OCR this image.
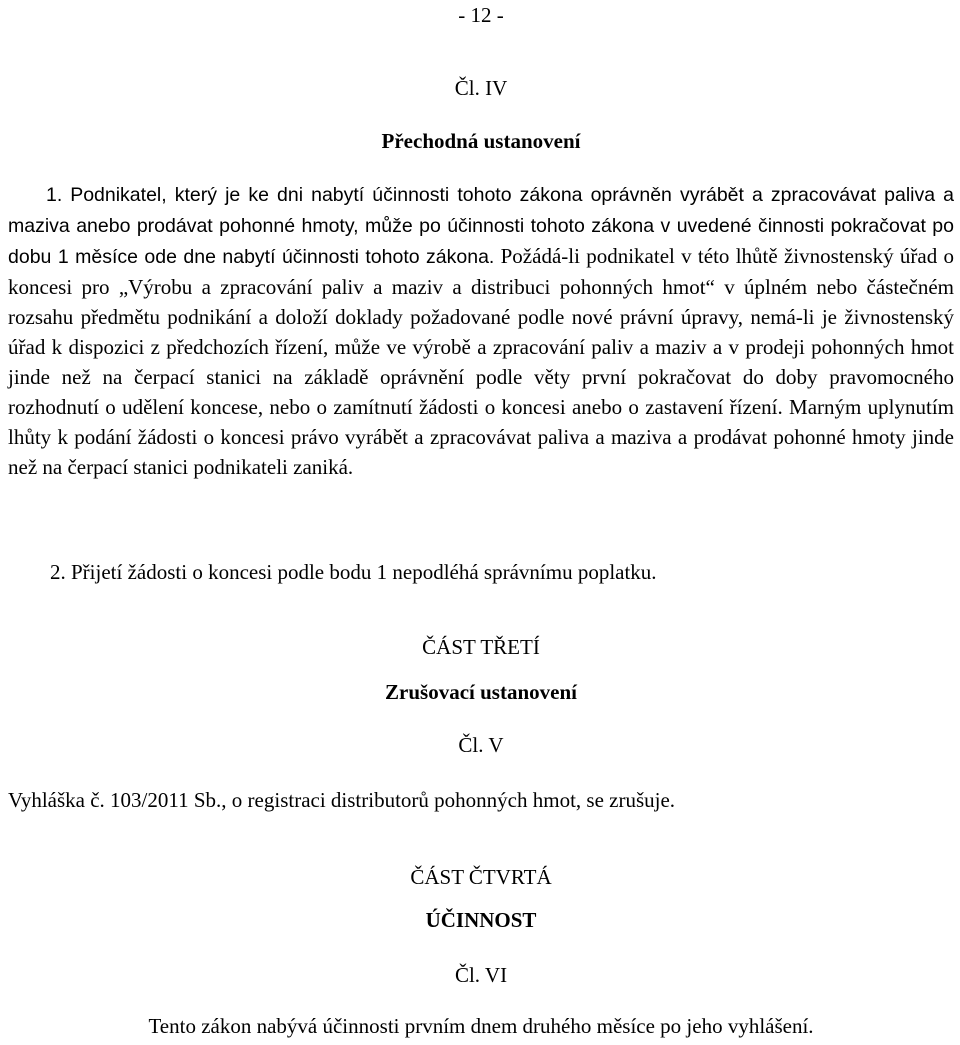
- 12 -
Čl. IV
Přechodná ustanovení
1. Podnikatel, který je ke dni nabytí účinnosti tohoto zákona oprávněn vyrábět a zpracovávat paliva a maziva anebo prodávat pohonné hmoty, může po účinnosti tohoto zákona v uvedené činnosti pokračovat po dobu 1 měsíce ode dne nabytí účinnosti tohoto zákona. Požádá-li podnikatel v této lhůtě živnostenský úřad o koncesi pro „Výrobu a zpracování paliv a maziv a distribuci pohonných hmot“ v úplném nebo částečném rozsahu předmětu podnikání a doloží doklady požadované podle nové právní úpravy, nemá-li je živnostenský úřad k dispozici z předchozích řízení, může ve výrobě a zpracování paliv a maziv a v prodeji pohonných hmot jinde než na čerpací stanici na základě oprávnění podle věty první pokračovat do doby pravomocného rozhodnutí o udělení koncese, nebo o zamítnutí žádosti o koncesi anebo o zastavení řízení. Marným uplynutím lhůty k podání žádosti o koncesi právo vyrábět a zpracovávat paliva a maziva a prodávat pohonné hmoty jinde než na čerpací stanici podnikateli zaniká.
2. Přijetí žádosti o koncesi podle bodu 1 nepodléhá správnímu poplatku.
ČÁST TŘETÍ
Zrušovací ustanovení
Čl. V
Vyhláška č. 103/2011 Sb., o registraci distributorů pohonných hmot, se zrušuje.
ČÁST ČTVRTÁ
ÚČINNOST
Čl. VI
Tento zákon nabývá účinnosti prvním dnem druhého měsíce po jeho vyhlášení.
